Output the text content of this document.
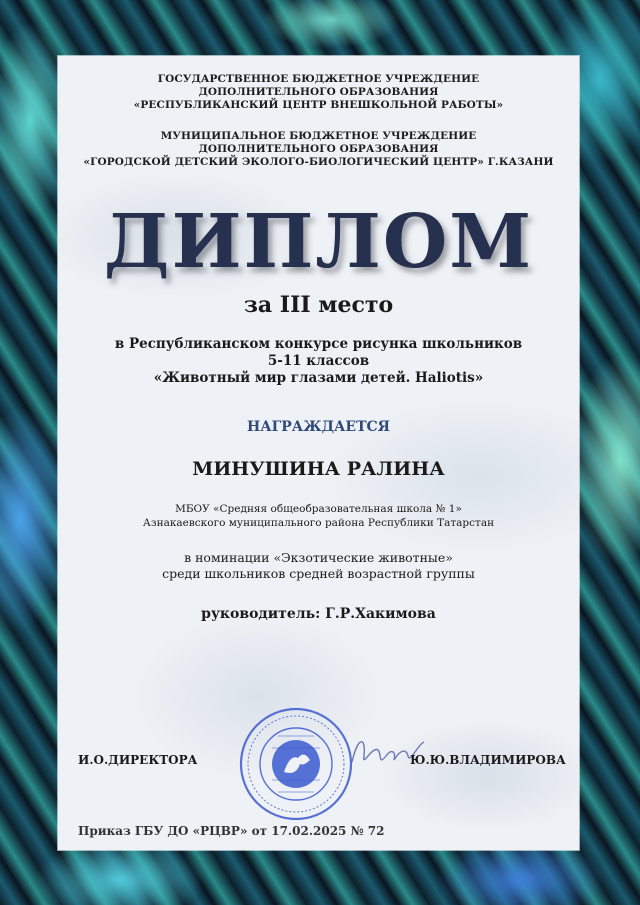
ГОСУДАРСТВЕННОЕ БЮДЖЕТНОЕ УЧРЕЖДЕНИЕ
ДОПОЛНИТЕЛЬНОГО ОБРАЗОВАНИЯ
«РЕСПУБЛИКАНСКИЙ ЦЕНТР ВНЕШКОЛЬНОЙ РАБОТЫ»
МУНИЦИПАЛЬНОЕ БЮДЖЕТНОЕ УЧРЕЖДЕНИЕ
ДОПОЛНИТЕЛЬНОГО ОБРАЗОВАНИЯ
«ГОРОДСКОЙ ДЕТСКИЙ ЭКОЛОГО-БИОЛОГИЧЕСКИЙ ЦЕНТР» Г.КАЗАНИ
ДИПЛОМ
за III место
в Республиканском конкурсе рисунка школьников
5-11 классов
«Животный мир глазами детей. Haliotis»
НАГРАЖДАЕТСЯ
МИНУШИНА РАЛИНА
МБОУ «Средняя общеобразовательная школа № 1»
Азнакаевского муниципального района Республики Татарстан
в номинации «Экзотические животные»
среди школьников средней возрастной группы
руководитель: Г.Р.Хакимова
И.О.ДИРЕКТОРА	Ю.Ю.ВЛАДИМИРОВА
Приказ ГБУ ДО «РЦВР» от 17.02.2025 № 72
